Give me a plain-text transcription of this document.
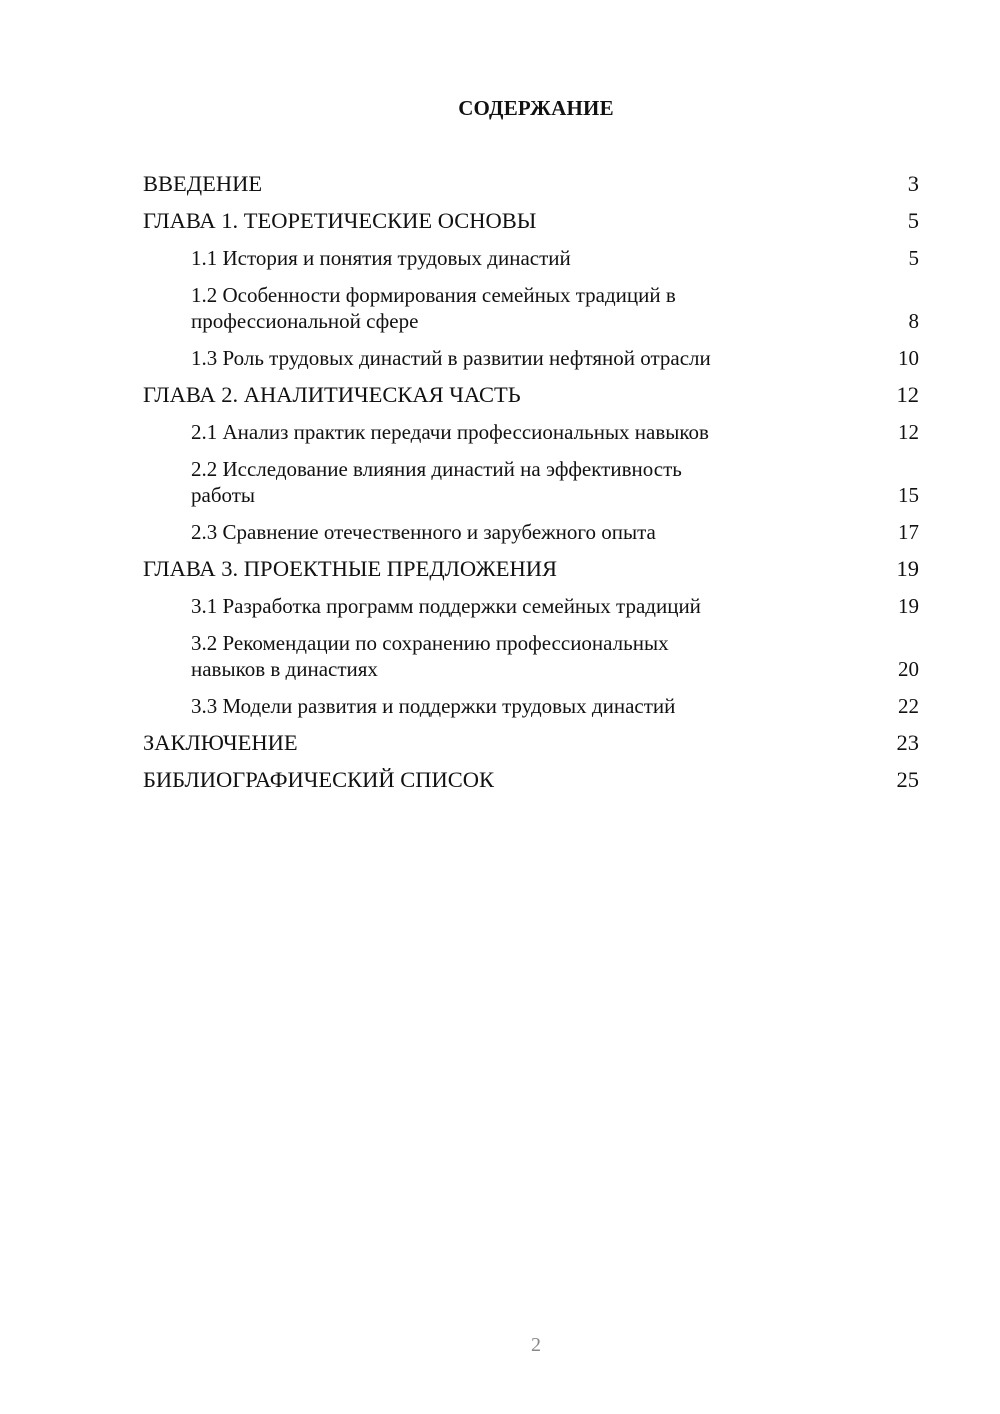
СОДЕРЖАНИЕ
ВВЕДЕНИЕ	3
ГЛАВА 1. ТЕОРЕТИЧЕСКИЕ ОСНОВЫ	5
1.1 История и понятия трудовых династий	5
1.2 Особенности формирования семейных традиций в
профессиональной сфере	8
1.3 Роль трудовых династий в развитии нефтяной отрасли	10
ГЛАВА 2. АНАЛИТИЧЕСКАЯ ЧАСТЬ	12
2.1 Анализ практик передачи профессиональных навыков	12
2.2 Исследование влияния династий на эффективность
работы	15
2.3 Сравнение отечественного и зарубежного опыта	17
ГЛАВА 3. ПРОЕКТНЫЕ ПРЕДЛОЖЕНИЯ	19
3.1 Разработка программ поддержки семейных традиций	19
3.2 Рекомендации по сохранению профессиональных
навыков в династиях	20
3.3 Модели развития и поддержки трудовых династий	22
ЗАКЛЮЧЕНИЕ	23
БИБЛИОГРАФИЧЕСКИЙ СПИСОК	25
2
